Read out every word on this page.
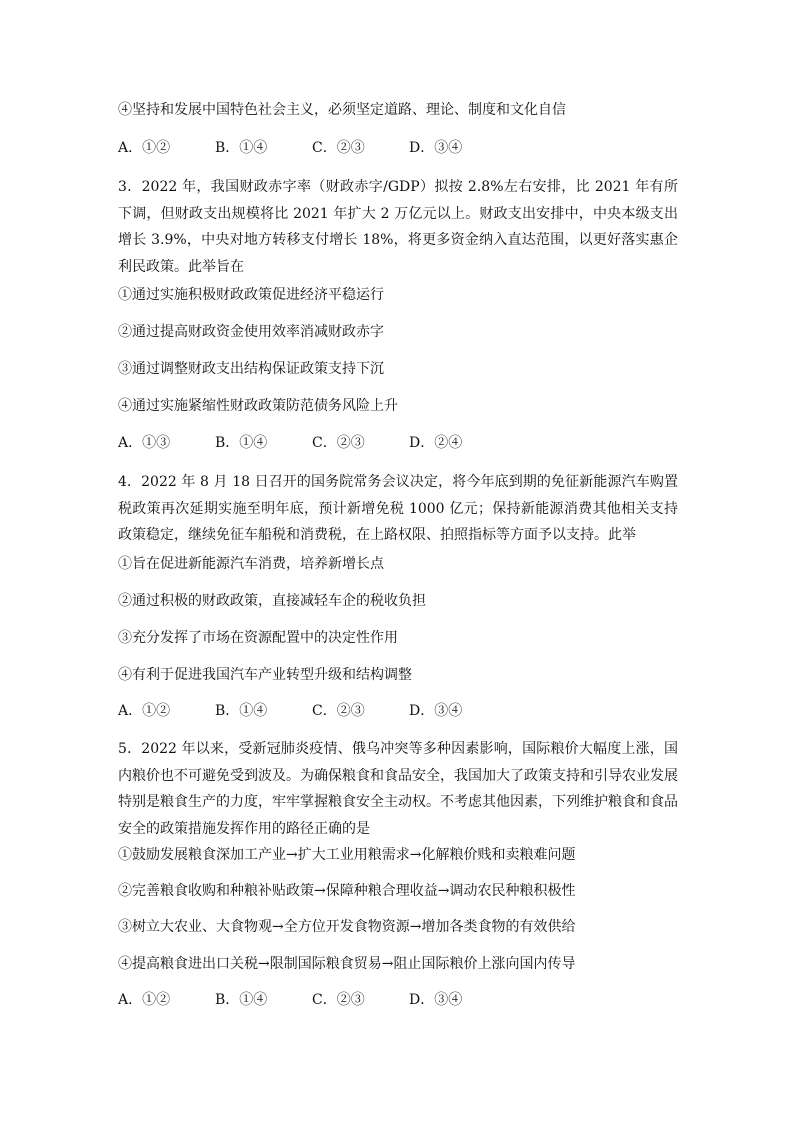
④坚持和发展中国特色社会主义，必须坚定道路、理论、制度和文化自信
A．①②	B．①④	C．②③	D．③④
3．2022 年，我国财政赤字率（财政赤字/GDP）拟按 2.8%左右安排，比 2021 年有所下调，但财政支出规模将比 2021 年扩大 2 万亿元以上。财政支出安排中，中央本级支出增长 3.9%，中央对地方转移支付增长 18%，将更多资金纳入直达范围，以更好落实惠企利民政策。此举旨在
①通过实施积极财政政策促进经济平稳运行
②通过提高财政资金使用效率消减财政赤字
③通过调整财政支出结构保证政策支持下沉
④通过实施紧缩性财政政策防范债务风险上升
A．①③	B．①④	C．②③	D．②④
4．2022 年 8 月 18 日召开的国务院常务会议决定，将今年底到期的免征新能源汽车购置税政策再次延期实施至明年底，预计新增免税 1000 亿元；保持新能源消费其他相关支持政策稳定，继续免征车船税和消费税，在上路权限、拍照指标等方面予以支持。此举
①旨在促进新能源汽车消费，培养新增长点
②通过积极的财政政策，直接减轻车企的税收负担
③充分发挥了市场在资源配置中的决定性作用
④有利于促进我国汽车产业转型升级和结构调整
A．①②	B．①④	C．②③	D．③④
5．2022 年以来，受新冠肺炎疫情、俄乌冲突等多种因素影响，国际粮价大幅度上涨，国内粮价也不可避免受到波及。为确保粮食和食品安全，我国加大了政策支持和引导农业发展特别是粮食生产的力度，牢牢掌握粮食安全主动权。不考虑其他因素，下列维护粮食和食品安全的政策措施发挥作用的路径正确的是
①鼓励发展粮食深加工产业→扩大工业用粮需求→化解粮价贱和卖粮难问题
②完善粮食收购和种粮补贴政策→保障种粮合理收益→调动农民种粮积极性
③树立大农业、大食物观→全方位开发食物资源→增加各类食物的有效供给
④提高粮食进出口关税→限制国际粮食贸易→阻止国际粮价上涨向国内传导
A．①②	B．①④	C．②③	D．③④
